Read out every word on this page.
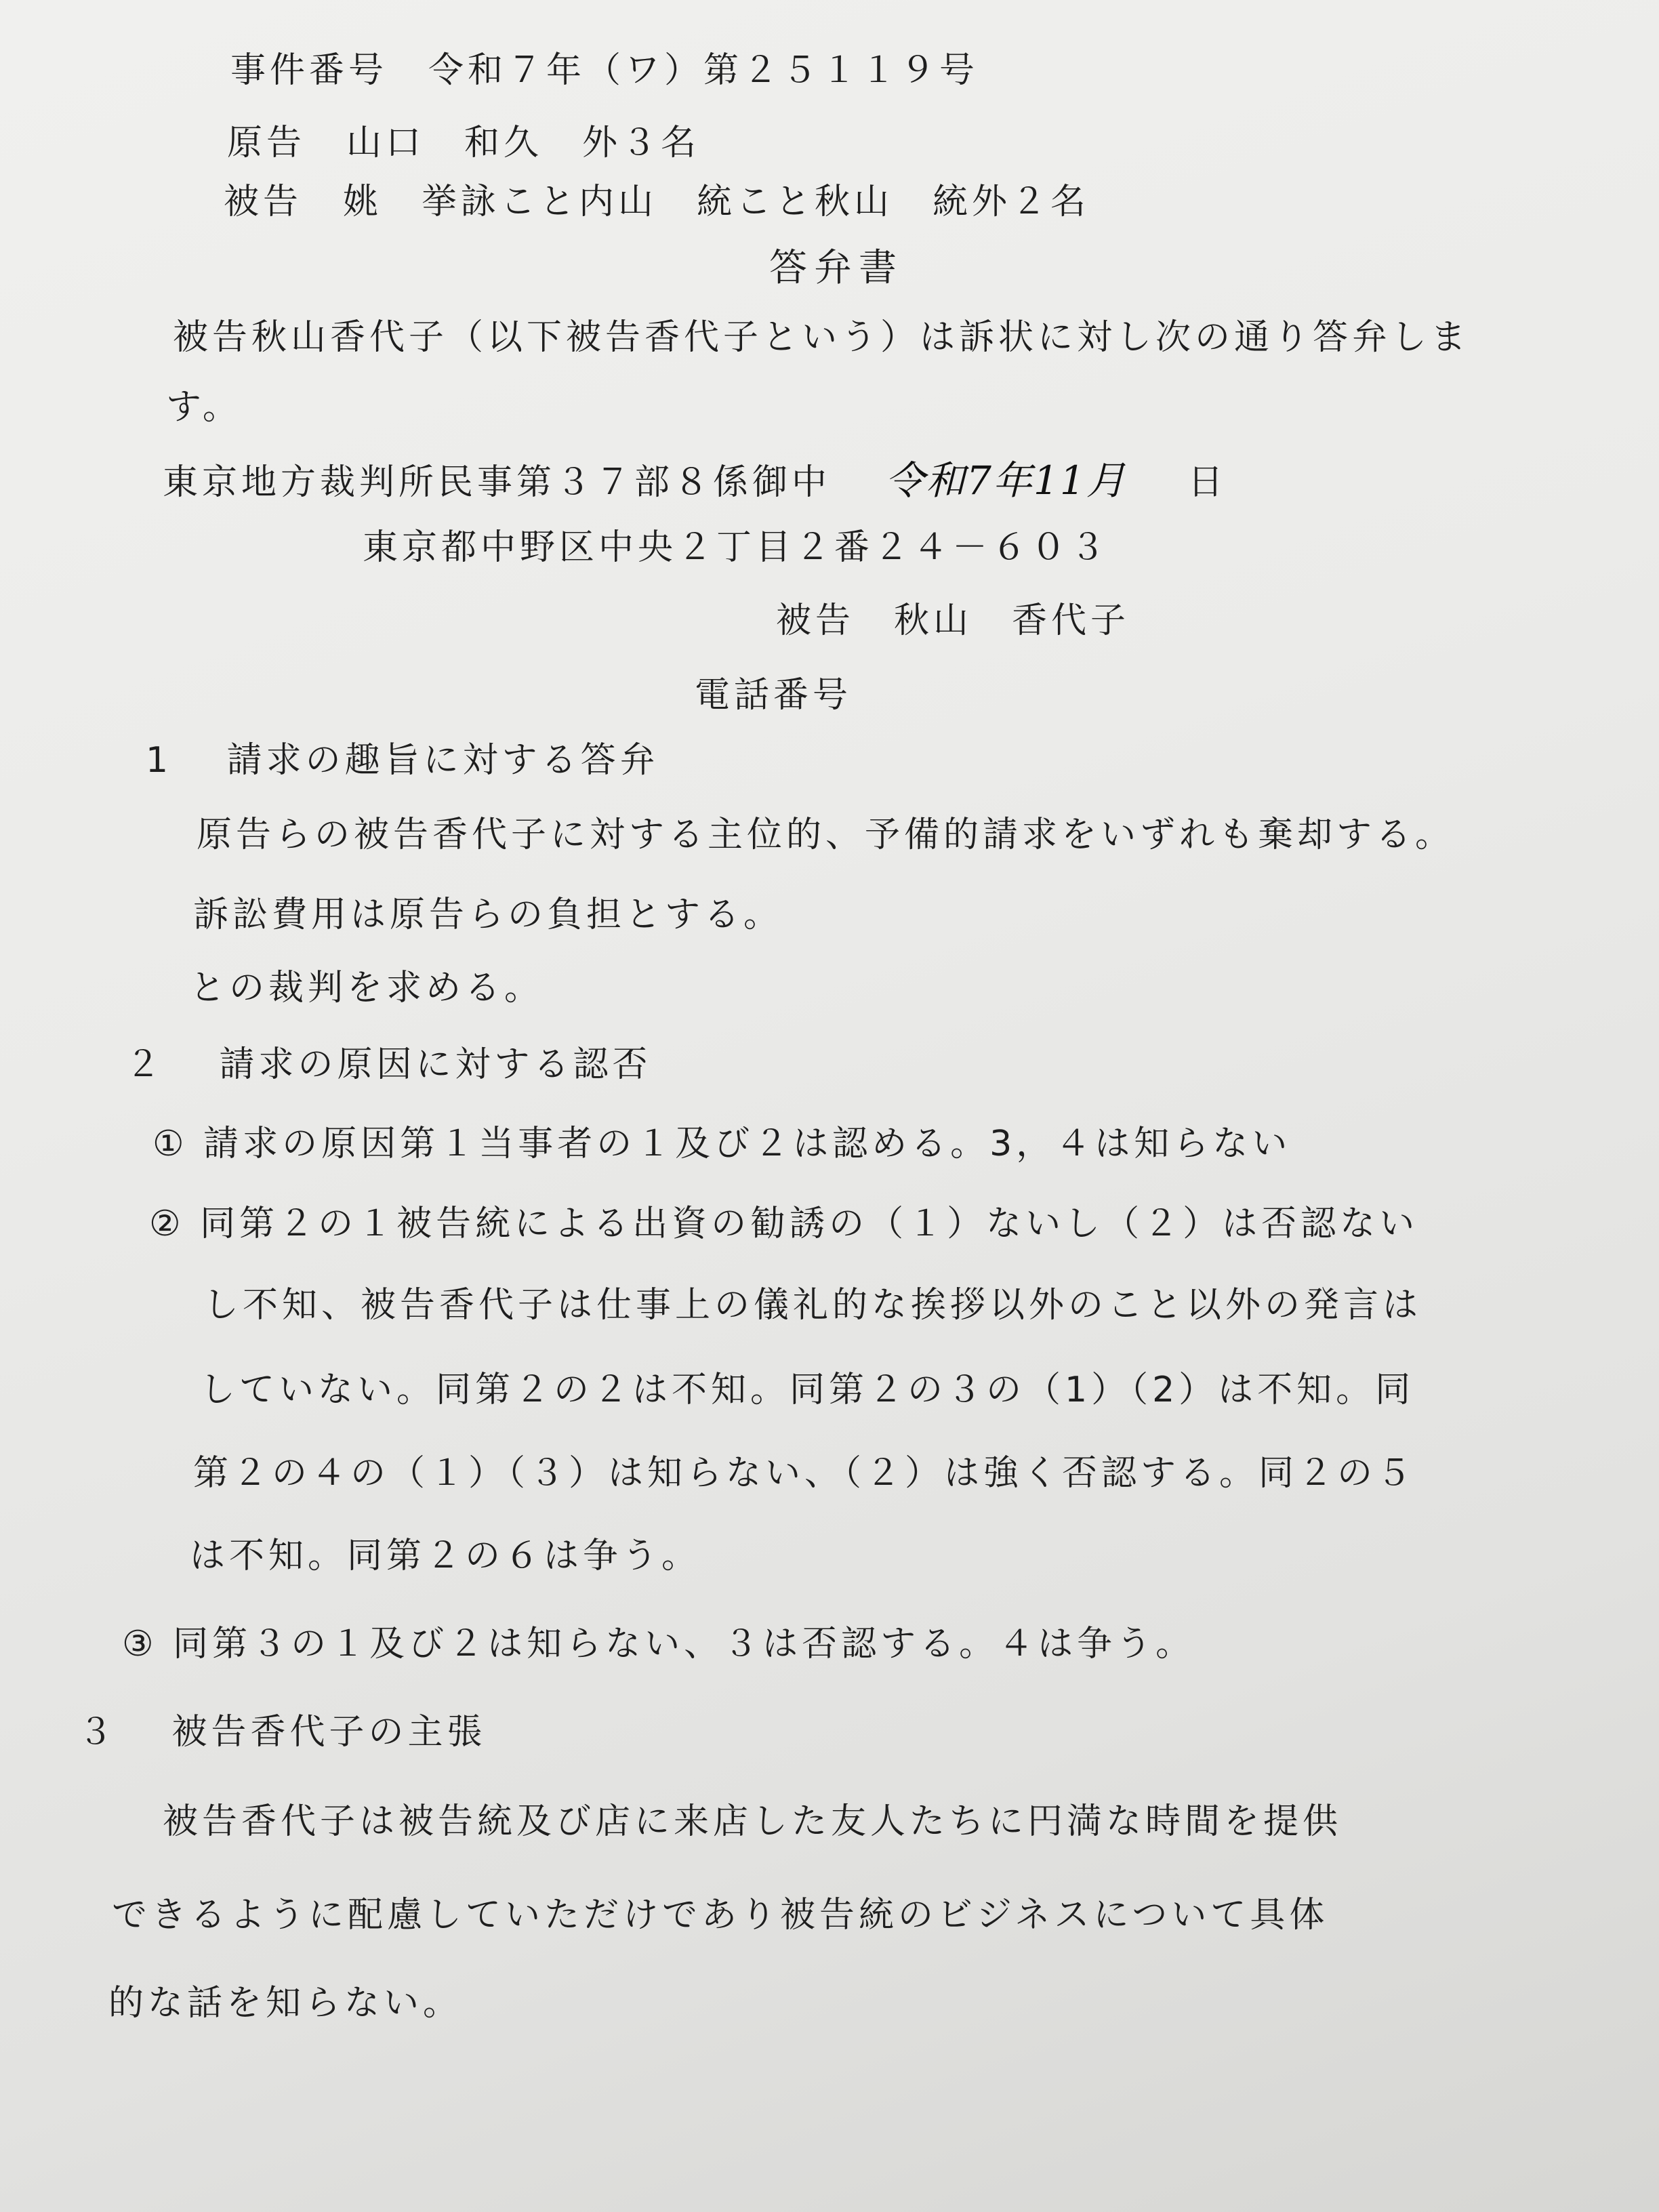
事件番号 令和７年（ワ）第２５１１９号
原告 山口　和久　外３名
被告 姚　挙詠こと内山　統こと秋山　統外２名
答弁書
被告秋山香代子（以下被告香代子という）は訴状に対し次の通り答弁しま
す。
東京地方裁判所民事第３７部８係御中 令和7年11月 日
東京都中野区中央２丁目２番２４－６０３
被告　秋山　香代子
電話番号
1　 請求の趣旨に対する答弁
原告らの被告香代子に対する主位的、予備的請求をいずれも棄却する。
訴訟費用は原告らの負担とする。
との裁判を求める。
２　 請求の原因に対する認否
① 請求の原因第１当事者の１及び２は認める。3，４は知らない
② 同第２の１被告統による出資の勧誘の（１）ないし（２）は否認ない
し不知、被告香代子は仕事上の儀礼的な挨拶以外のこと以外の発言は
していない。同第２の２は不知。同第２の３の（1）（2）は不知。同
第２の４の（１）（３）は知らない、（２）は強く否認する。同２の５
は不知。同第２の６は争う。
③ 同第３の１及び２は知らない、３は否認する。４は争う。
３　 被告香代子の主張
被告香代子は被告統及び店に来店した友人たちに円満な時間を提供
できるように配慮していただけであり被告統のビジネスについて具体
的な話を知らない。
